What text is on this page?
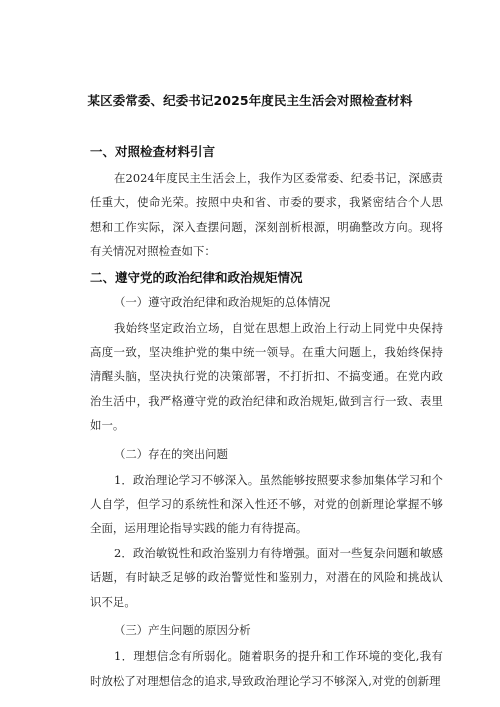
某区委常委、纪委书记2025年度民主生活会对照检查材料
一、对照检查材料引言

在2024年度民主生活会上，我作为区委常委、纪委书记，深感责任重大，使命光荣。按照中央和省、市委的要求，我紧密结合个人思想和工作实际，深入查摆问题，深刻剖析根源，明确整改方向。现将有关情况对照检查如下：

二、遵守党的政治纪律和政治规矩情况
（一）遵守政治纪律和政治规矩的总体情况

我始终坚定政治立场，自觉在思想上政治上行动上同党中央保持高度一致，坚决维护党的集中统一领导。在重大问题上，我始终保持清醒头脑，坚决执行党的决策部署，不打折扣、不搞变通。在党内政治生活中，我严格遵守党的政治纪律和政治规矩,做到言行一致、表里如一。

（二）存在的突出问题

1．政治理论学习不够深入。虽然能够按照要求参加集体学习和个人自学，但学习的系统性和深入性还不够，对党的创新理论掌握不够全面，运用理论指导实践的能力有待提高。

2．政治敏锐性和政治鉴别力有待增强。面对一些复杂问题和敏感话题，有时缺乏足够的政治警觉性和鉴别力，对潜在的风险和挑战认识不足。

（三）产生问题的原因分析

1．理想信念有所弱化。随着职务的提升和工作环境的变化,我有时放松了对理想信念的追求,导致政治理论学习不够深入,对党的创新理
